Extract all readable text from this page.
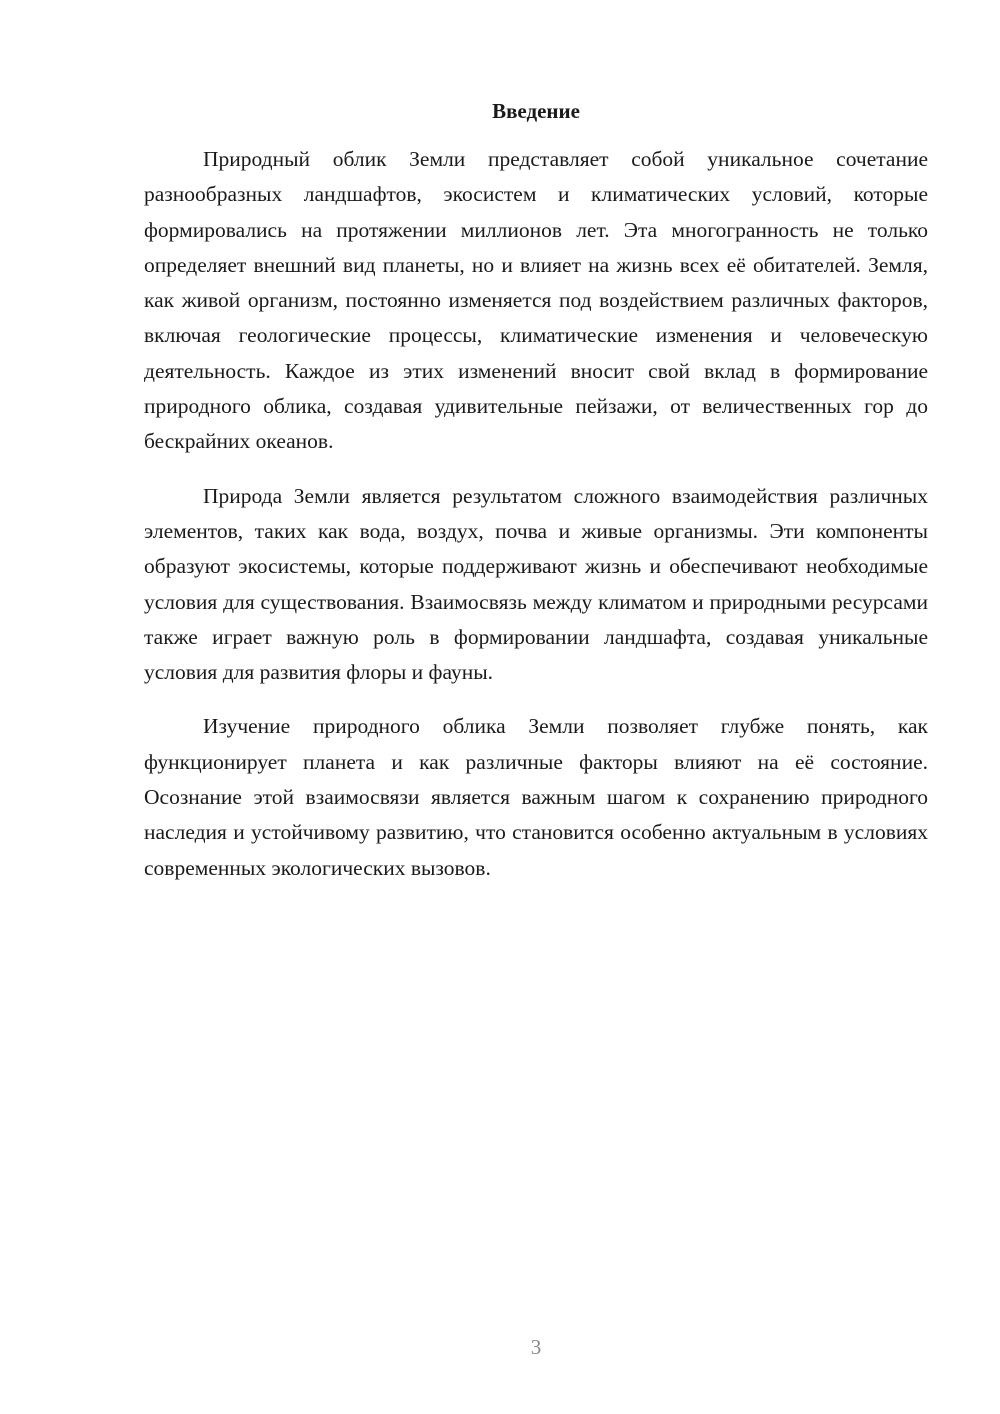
Введение

Природный облик Земли представляет собой уникальное сочетание разнообразных ландшафтов, экосистем и климатических условий, которые формировались на протяжении миллионов лет. Эта многогранность не только определяет внешний вид планеты, но и влияет на жизнь всех её обитателей. Земля, как живой организм, постоянно изменяется под воздействием различных факторов, включая геологические процессы, климатические изменения и человеческую деятельность. Каждое из этих изменений вносит свой вклад в формирование природного облика, создавая удивительные пейзажи, от величественных гор до бескрайних океанов.

Природа Земли является результатом сложного взаимодействия различных элементов, таких как вода, воздух, почва и живые организмы. Эти компоненты образуют экосистемы, которые поддерживают жизнь и обеспечивают необходимые условия для существования. Взаимосвязь между климатом и природными ресурсами также играет важную роль в формировании ландшафта, создавая уникальные условия для развития флоры и фауны.

Изучение природного облика Земли позволяет глубже понять, как функционирует планета и как различные факторы влияют на её состояние. Осознание этой взаимосвязи является важным шагом к сохранению природного наследия и устойчивому развитию, что становится особенно актуальным в условиях современных экологических вызовов.

3
